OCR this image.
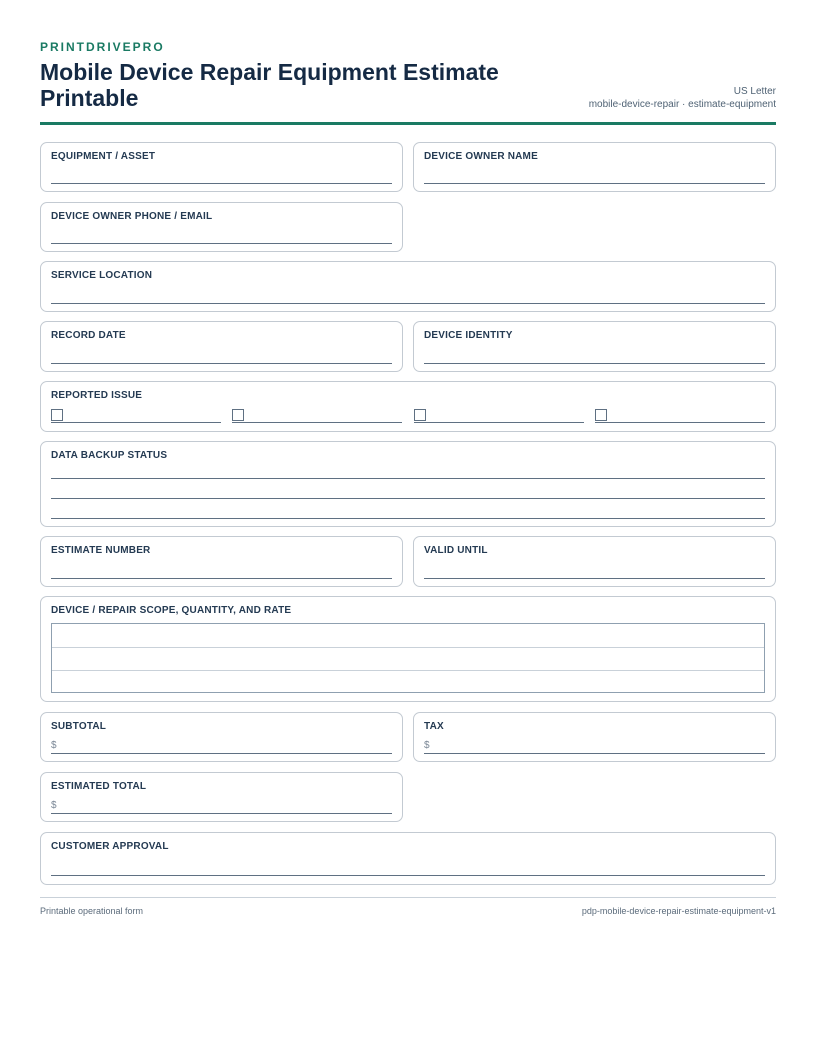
PRINTDRIVEPRO
Mobile Device Repair Equipment Estimate Printable	US Letter
mobile-device-repair · estimate-equipment
EQUIPMENT / ASSET	DEVICE OWNER NAME
DEVICE OWNER PHONE / EMAIL
SERVICE LOCATION
RECORD DATE	DEVICE IDENTITY
REPORTED ISSUE
DATA BACKUP STATUS
ESTIMATE NUMBER	VALID UNTIL
DEVICE / REPAIR SCOPE, QUANTITY, AND RATE
SUBTOTAL
$
TAX
$
ESTIMATED TOTAL
$
CUSTOMER APPROVAL
Printable operational form	pdp-mobile-device-repair-estimate-equipment-v1
